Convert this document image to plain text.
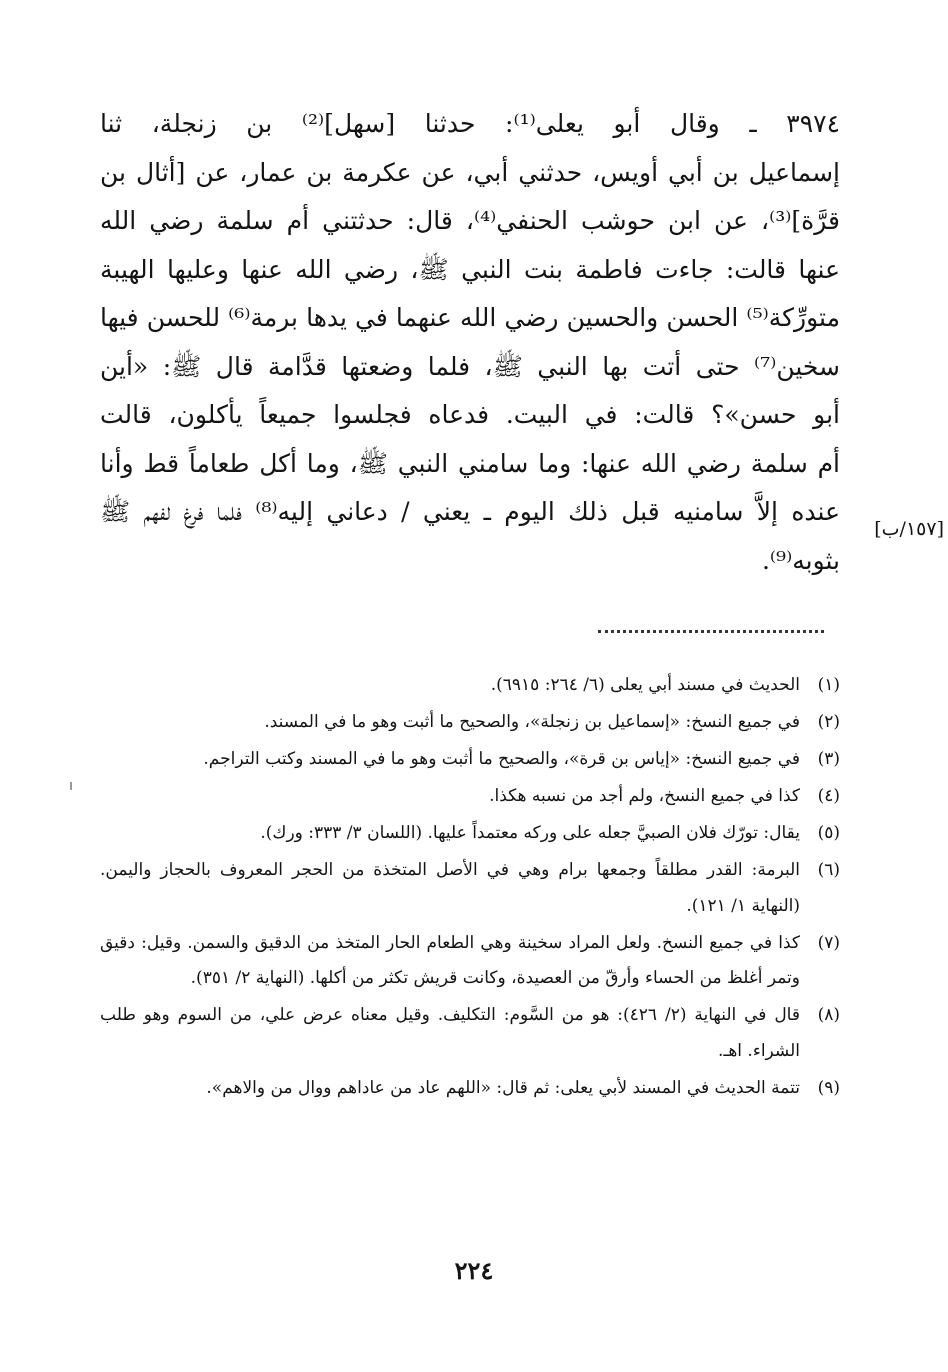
٣٩٧٤ ـ وقال أبو يعلى⁽¹⁾: حدثنا [سهل]⁽²⁾ بن زنجلة، ثنا
إسماعيل بن أبي أويس، حدثني أبي، عن عكرمة بن عمار، عن [أثال بن
قرَّة]⁽³⁾، عن ابن حوشب الحنفي⁽⁴⁾، قال: حدثتني أم سلمة رضي الله
عنها قالت: جاءت فاطمة بنت النبي ﷺ، رضي الله عنها وعليها الهيبة
متورِّكة⁽⁵⁾ الحسن والحسين رضي الله عنهما في يدها برمة⁽⁶⁾ للحسن فيها
سخين⁽⁷⁾ حتى أتت بها النبي ﷺ، فلما وضعتها قدَّامة قال ﷺ: «أين
أبو حسن»؟ قالت: في البيت. فدعاه فجلسوا جميعاً يأكلون، قالت
أم سلمة رضي الله عنها: وما سامني النبي ﷺ، وما أكل طعاماً قط وأنا
عنده إلاَّ سامنيه قبل ذلك اليوم ـ يعني / دعاني إليه⁽⁸⁾ فلما فرغ لفهم ﷺ
بثوبه⁽⁹⁾.
[١٥٧/ب]
(١)
الحديث في مسند أبي يعلى (٦/ ٢٦٤: ٦٩١٥).
(٢)
في جميع النسخ: «إسماعيل بن زنجلة»، والصحيح ما أثبت وهو ما في المسند.
(٣)
في جميع النسخ: «إياس بن قرة»، والصحيح ما أثبت وهو ما في المسند وكتب التراجم.
(٤)
كذا في جميع النسخ، ولم أجد من نسبه هكذا.
(٥)
يقال: تورّك فلان الصبيَّ جعله على وركه معتمداً عليها. (اللسان ٣/ ٣٣٣: ورك).
(٦)
البرمة: القدر مطلقاً وجمعها برام وهي في الأصل المتخذة من الحجر المعروف بالحجاز واليمن. (النهاية ١/ ١٢١).
(٧)
كذا في جميع النسخ. ولعل المراد سخينة وهي الطعام الحار المتخذ من الدقيق والسمن. وقيل: دقيق وتمر أغلظ من الحساء وأرقّ من العصيدة، وكانت قريش تكثر من أكلها. (النهاية ٢/ ٣٥١).
(٨)
قال في النهاية (٢/ ٤٢٦): هو من السَّوم: التكليف. وقيل معناه عرض علي، من السوم وهو طلب الشراء. اهـ.
(٩)
تتمة الحديث في المسند لأبي يعلى: ثم قال: «اللهم عاد من عاداهم ووال من والاهم».
٢٢٤
